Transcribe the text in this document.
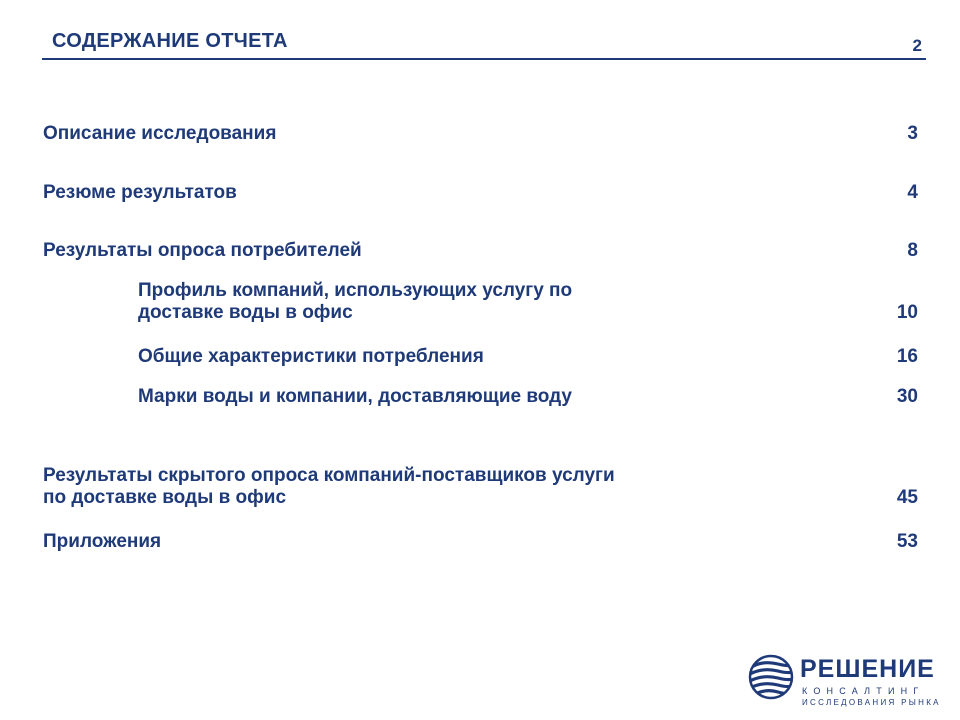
СОДЕРЖАНИЕ ОТЧЕТА	2
Описание исследования	3
Резюме результатов	4
Результаты опроса потребителей	8
Профиль компаний, использующих услугу по
доставке воды в офис	10
Общие характеристики потребления	16
Марки воды и компании, доставляющие воду	30
Результаты скрытого опроса компаний-поставщиков услуги
по доставке воды в офис	45
Приложения	53
РЕШЕНИЕ
КОНСАЛТИНГ
ИССЛЕДОВАНИЯ РЫНКА
